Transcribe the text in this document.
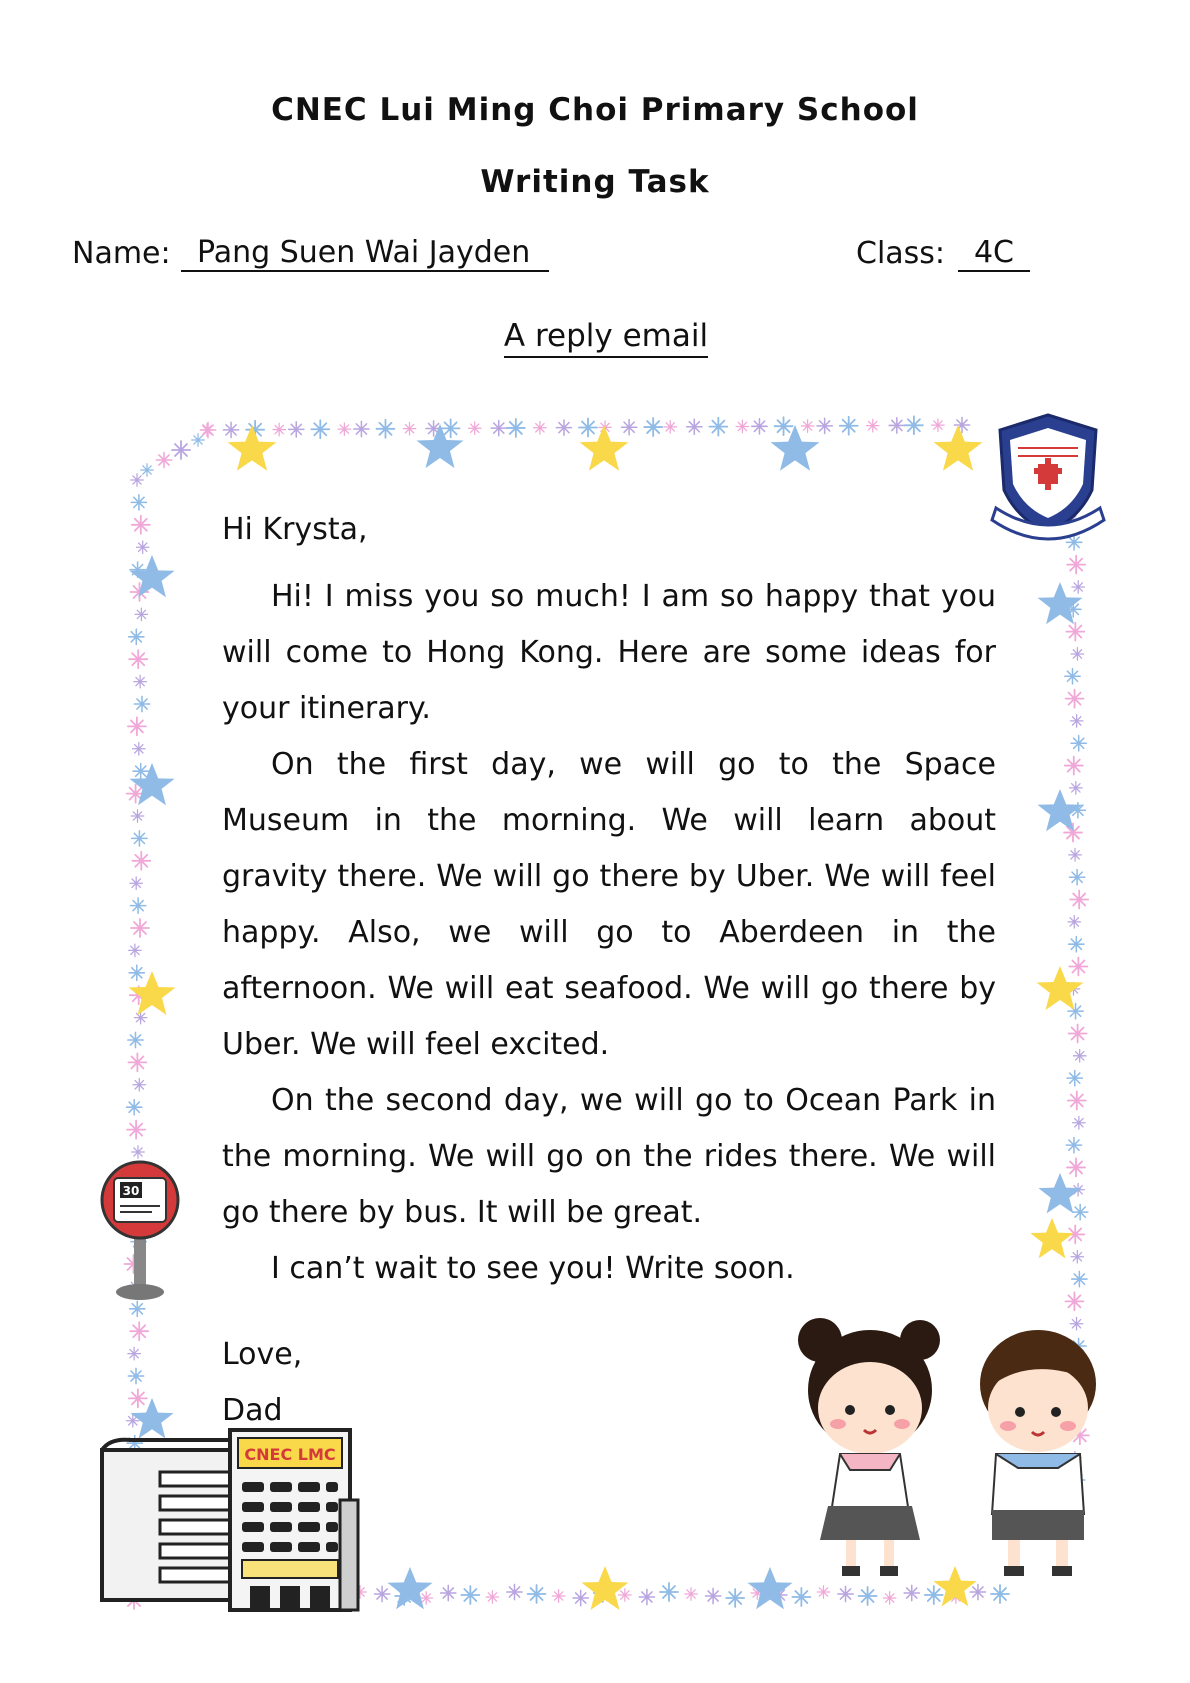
CNEC Lui Ming Choi Primary School
Writing Task
Name: Pang Suen Wai Jayden	Class: 4C
A reply email
30
CNEC LMC
Hi Krysta,

Hi! I miss you so much! I am so happy that you will come to Hong Kong. Here are some ideas for your itinerary.

On the first day, we will go to the Space Museum in the morning. We will learn about gravity there. We will go there by Uber. We will feel happy. Also, we will go to Aberdeen in the afternoon. We will eat seafood. We will go there by Uber. We will feel excited.

On the second day, we will go to Ocean Park in the morning. We will go on the rides there. We will go there by bus. It will be great.

I can’t wait to see you! Write soon.

Love,
Dad
